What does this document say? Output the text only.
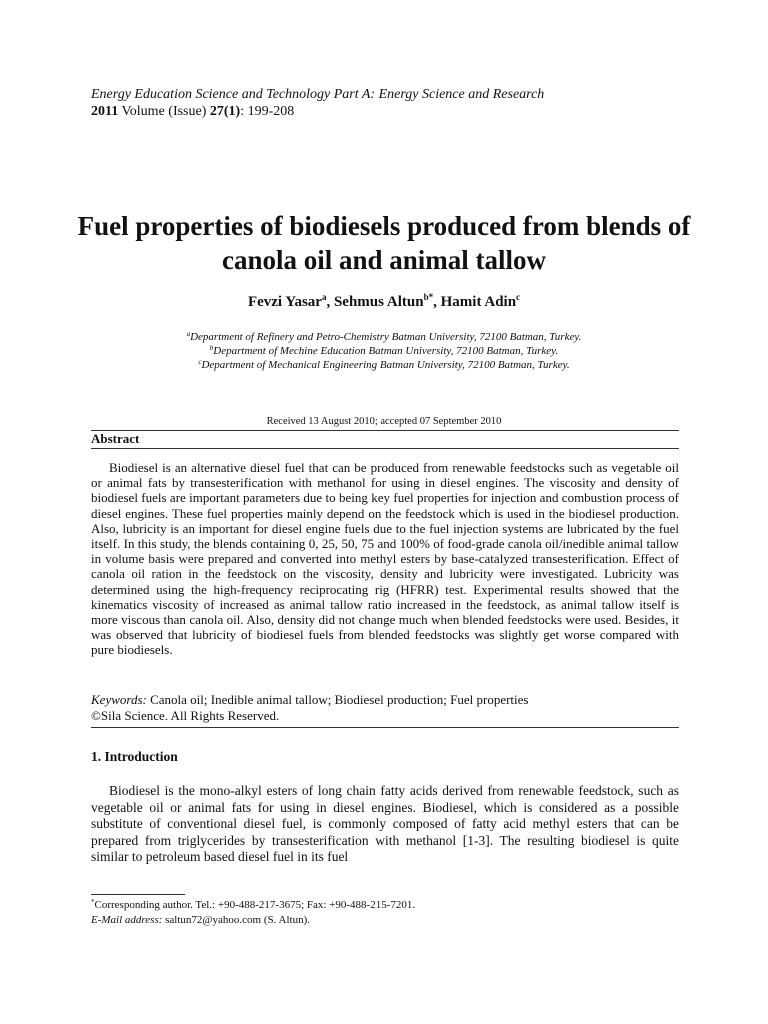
Energy Education Science and Technology Part A: Energy Science and Research
2011 Volume (Issue) 27(1): 199-208
Fuel properties of biodiesels produced from blends of canola oil and animal tallow
Fevzi Yasar$^a$, Sehmus Altun$^{b*}$, Hamit Adin$^c$
$^a$Department of Refinery and Petro-Chemistry Batman University, 72100 Batman, Turkey.
$^b$Department of Mechine Education Batman University, 72100 Batman, Turkey.
$^c$Department of Mechanical Engineering Batman University, 72100 Batman, Turkey.
Received 13 August 2010; accepted 07 September 2010
Abstract

Biodiesel is an alternative diesel fuel that can be produced from renewable feedstocks such as vegetable oil or animal fats by transesterification with methanol for using in diesel engines. The viscosity and density of biodiesel fuels are important parameters due to being key fuel properties for injection and combustion process of diesel engines. These fuel properties mainly depend on the feedstock which is used in the biodiesel production. Also, lubricity is an important for diesel engine fuels due to the fuel injection systems are lubricated by the fuel itself. In this study, the blends containing 0, 25, 50, 75 and 100% of food-grade canola oil/inedible animal tallow in volume basis were prepared and converted into methyl esters by base-catalyzed transesterification. Effect of canola oil ration in the feedstock on the viscosity, density and lubricity were investigated. Lubricity was determined using the high-frequency reciprocating rig (HFRR) test. Experimental results showed that the kinematics viscosity of increased as animal tallow ratio increased in the feedstock, as animal tallow itself is more viscous than canola oil. Also, density did not change much when blended feedstocks were used. Besides, it was observed that lubricity of biodiesel fuels from blended feedstocks was slightly get worse compared with pure biodiesels.

Keywords: Canola oil; Inedible animal tallow; Biodiesel production; Fuel properties
©Sila Science. All Rights Reserved.
1. Introduction

Biodiesel is the mono-alkyl esters of long chain fatty acids derived from renewable feedstock, such as vegetable oil or animal fats for using in diesel engines. Biodiesel, which is considered as a possible substitute of conventional diesel fuel, is commonly composed of fatty acid methyl esters that can be prepared from triglycerides by transesterification with methanol [1-3]. The resulting biodiesel is quite similar to petroleum based diesel fuel in its fuel

*Corresponding author. Tel.: +90-488-217-3675; Fax: +90-488-215-7201.
E-Mail address: saltun72@yahoo.com (S. Altun).
